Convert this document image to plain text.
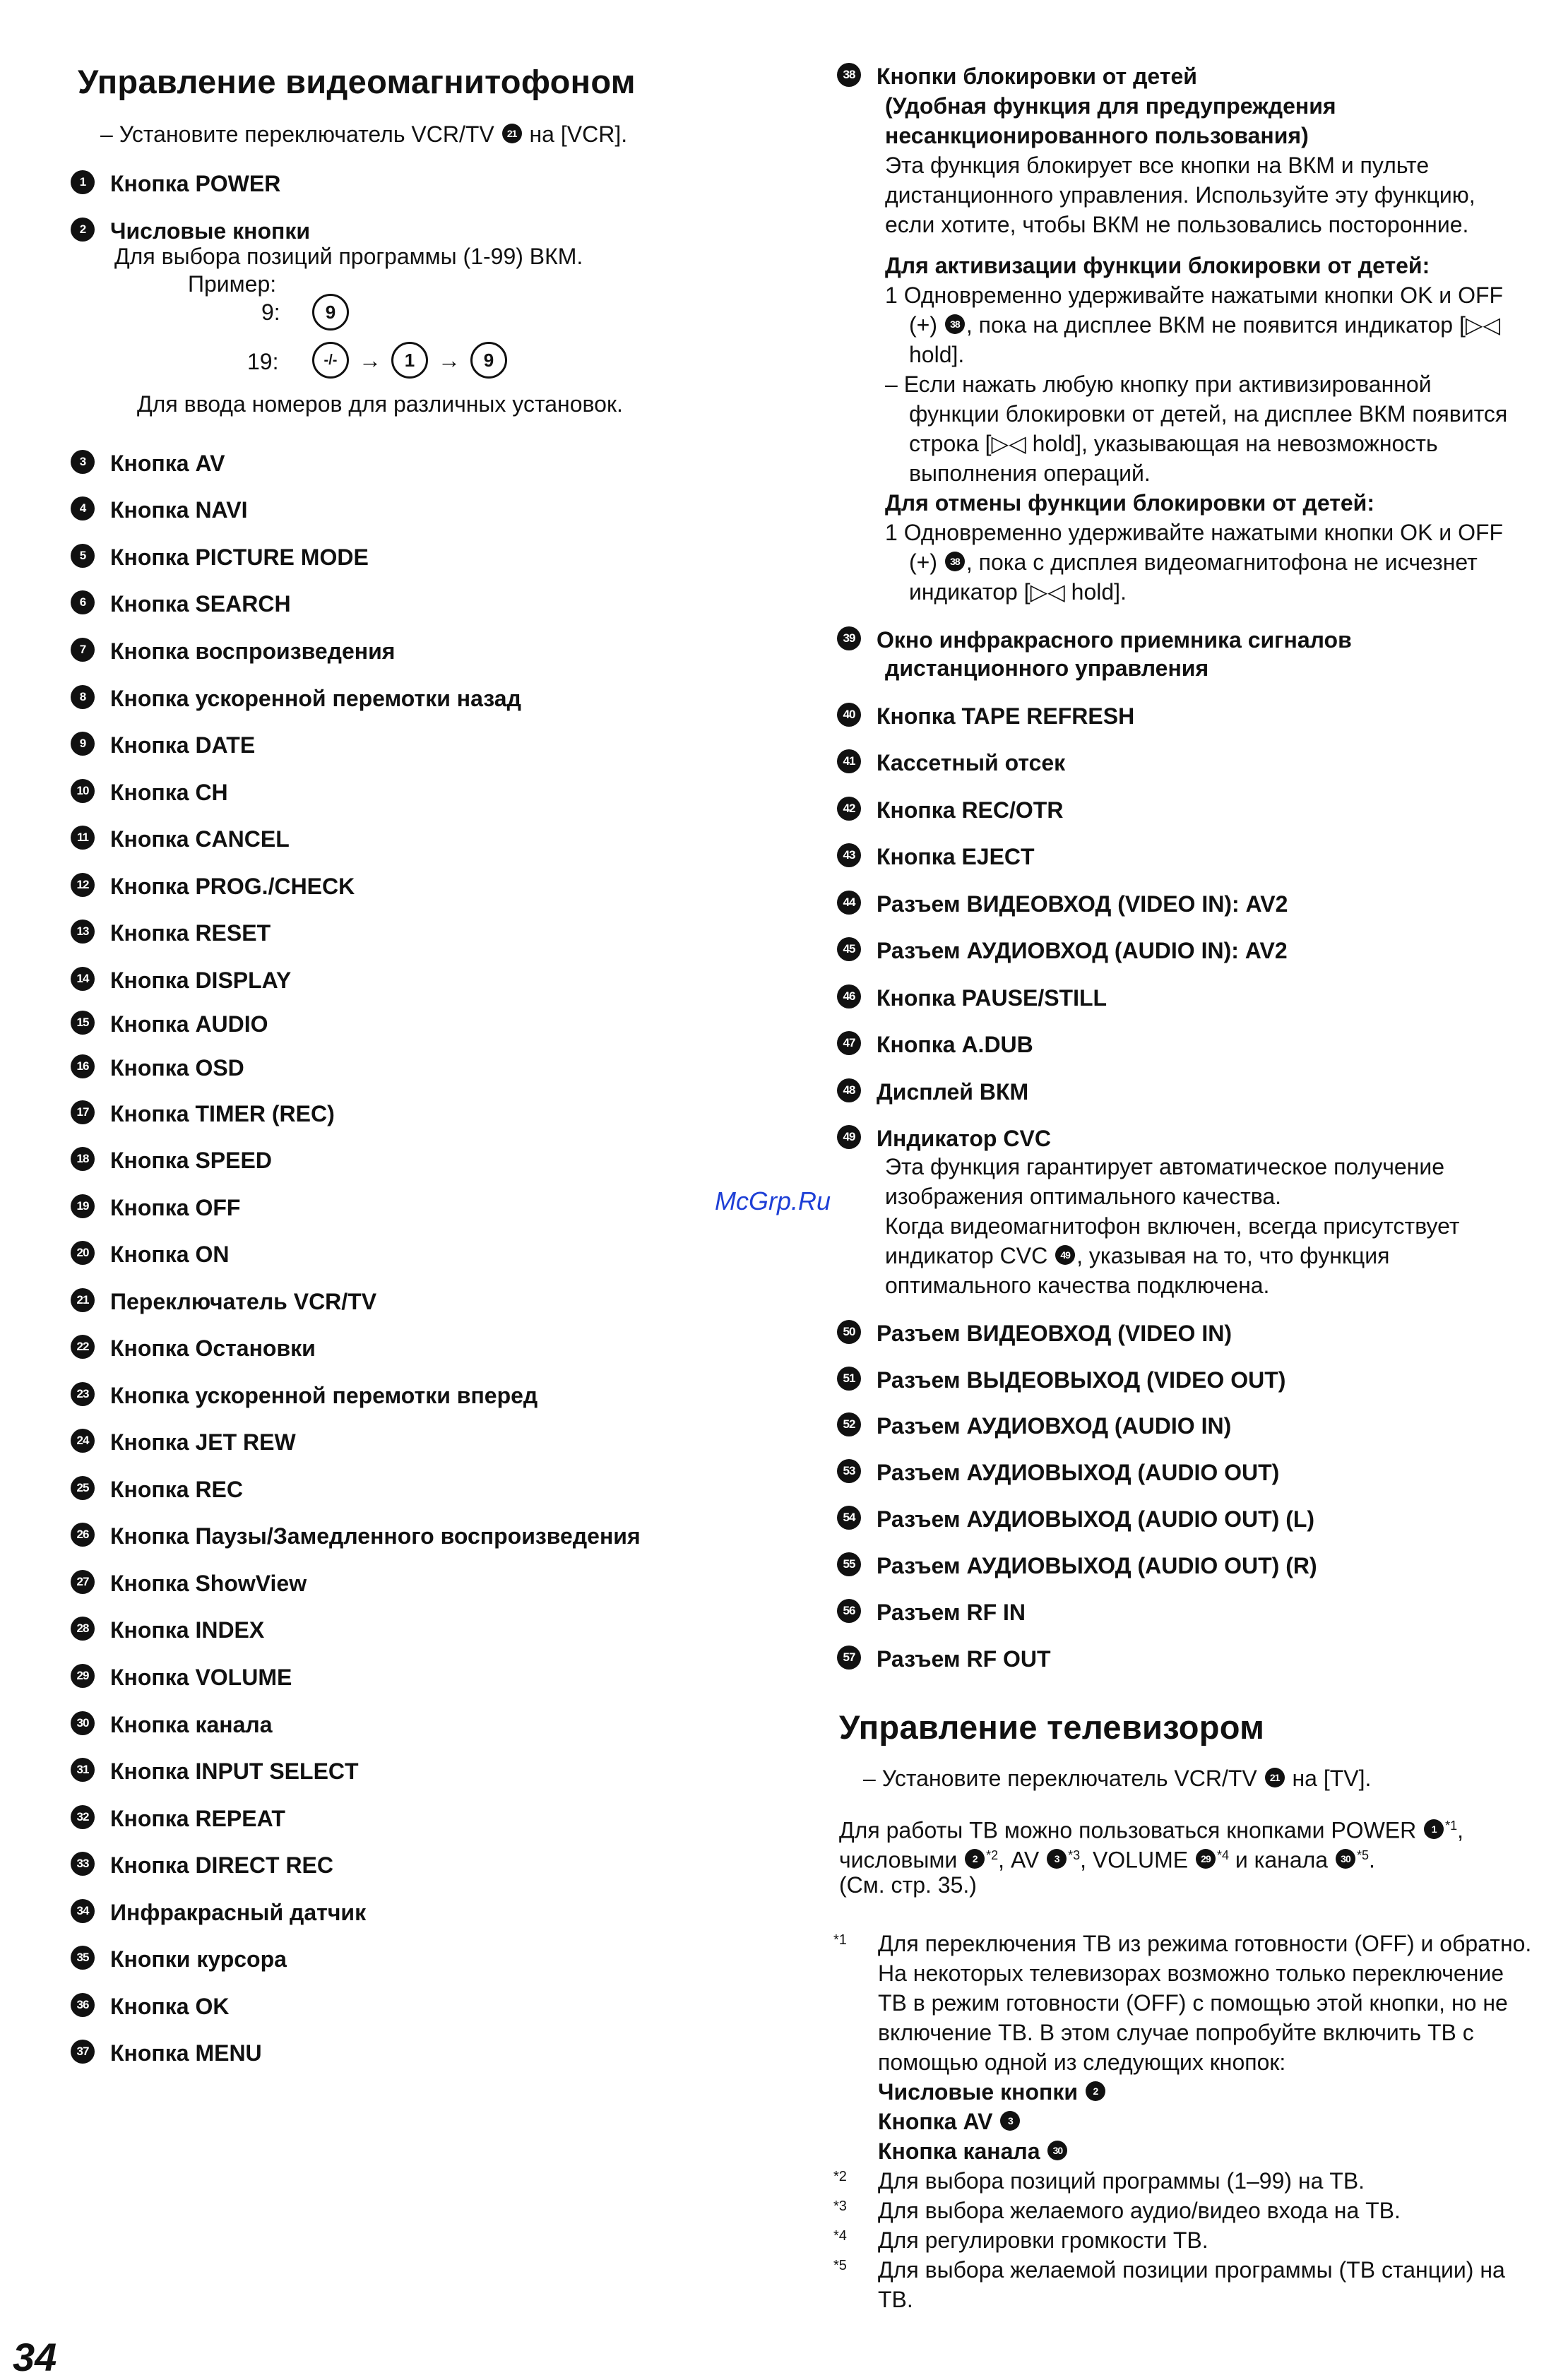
Управление видеомагнитофоном

– Установите переключатель VCR/TV 21 на [VCR].

1 Кнопка POWER
2 Числовые кнопки

Для выбора позиций программы (1-99) ВКМ.

Пример:

9:	9

19:	-/- → 1 → 9

Для ввода номеров для различных установок.

3 Кнопка AV
4 Кнопка NAVI
5 Кнопка PICTURE MODE
6 Кнопка SEARCH
7 Кнопка воспроизведения
8 Кнопка ускоренной перемотки назад
9 Кнопка DATE
10 Кнопка CH
11 Кнопка CANCEL
12 Кнопка PROG./CHECK
13 Кнопка RESET
14 Кнопка DISPLAY
15 Кнопка AUDIO
16 Кнопка OSD
17 Кнопка TIMER (REC)
18 Кнопка SPEED
19 Кнопка OFF
20 Кнопка ON
21 Переключатель VCR/TV
22 Кнопка Остановки
23 Кнопка ускоренной перемотки вперед
24 Кнопка JET REW
25 Кнопка REC
26 Кнопка Паузы/Замедленного воспроизведения
27 Кнопка ShowView
28 Кнопка INDEX
29 Кнопка VOLUME
30 Кнопка канала
31 Кнопка INPUT SELECT
32 Кнопка REPEAT
33 Кнопка DIRECT REC
34 Инфракрасный датчик
35 Кнопки курсора
36 Кнопка OK
37 Кнопка MENU
38 Кнопки блокировки от детей

(Удобная функция для предупреждения

несанкционированного пользования)

Эта функция блокирует все кнопки на ВКМ и пульте

дистанционного управления. Используйте эту функцию,

если хотите, чтобы ВКМ не пользовались посторонние.

Для активизации функции блокировки от детей:

1 Одновременно удерживайте нажатыми кнопки OK и OFF

(+) 38 , пока на дисплее ВКМ не появится индикатор [▷◁

hold].

– Если нажать любую кнопку при активизированной

функции блокировки от детей, на дисплее ВКМ появится

строка [▷◁ hold], указывающая на невозможность

выполнения операций.

Для отмены функции блокировки от детей:

1 Одновременно удерживайте нажатыми кнопки OK и OFF

(+) 38 , пока с дисплея видеомагнитофона не исчезнет

индикатор [▷◁ hold].

39 Окно инфракрасного приемника сигналов

дистанционного управления

40 Кнопка TAPE REFRESH
41 Кассетный отсек
42 Кнопка REC/OTR
43 Кнопка EJECT
44 Разъем ВИДЕОВХОД (VIDEO IN): AV2
45 Разъем АУДИОВХОД (AUDIO IN): AV2
46 Кнопка PAUSE/STILL
47 Кнопка A.DUB
48 Дисплей ВКМ
49 Индикатор CVC

Эта функция гарантирует автоматическое получение

изображения оптимального качества.

Когда видеомагнитофон включен, всегда присутствует

индикатор CVC 49 , указывая на то, что функция

оптимального качества подключена.

50 Разъем ВИДЕОВХОД (VIDEO IN)
51 Разъем ВЫДЕОВЫХОД (VIDEO OUT)
52 Разъем АУДИОВХОД (AUDIO IN)
53 Разъем АУДИОВЫХОД (AUDIO OUT)
54 Разъем АУДИОВЫХОД (AUDIO OUT) (L)
55 Разъем АУДИОВЫХОД (AUDIO OUT) (R)
56 Разъем RF IN
57 Разъем RF OUT
Управление телевизором

– Установите переключатель VCR/TV 21 на [TV].

Для работы ТВ можно пользоваться кнопками POWER 1 $^{*1}$,

числовыми 2 $^{*2}$, AV 3 $^{*3}$, VOLUME 29 $^{*4}$ и канала 30 $^{*5}$.

(См. стр. 35.)

*1 Для переключения ТВ из режима готовности (OFF) и обратно.

На некоторых телевизорах возможно только переключение

ТВ в режим готовности (OFF) с помощью этой кнопки, но не

включение ТВ. В этом случае попробуйте включить ТВ с

помощью одной из следующих кнопок:

Числовые кнопки 2

Кнопка AV 3

Кнопка канала 30

*2 Для выбора позиций программы (1–99) на ТВ.

*3 Для выбора желаемого аудио/видео входа на ТВ.

*4 Для регулировки громкости ТВ.

*5 Для выбора желаемой позиции программы (ТВ станции) на

ТВ.

McGrp.Ru
34
